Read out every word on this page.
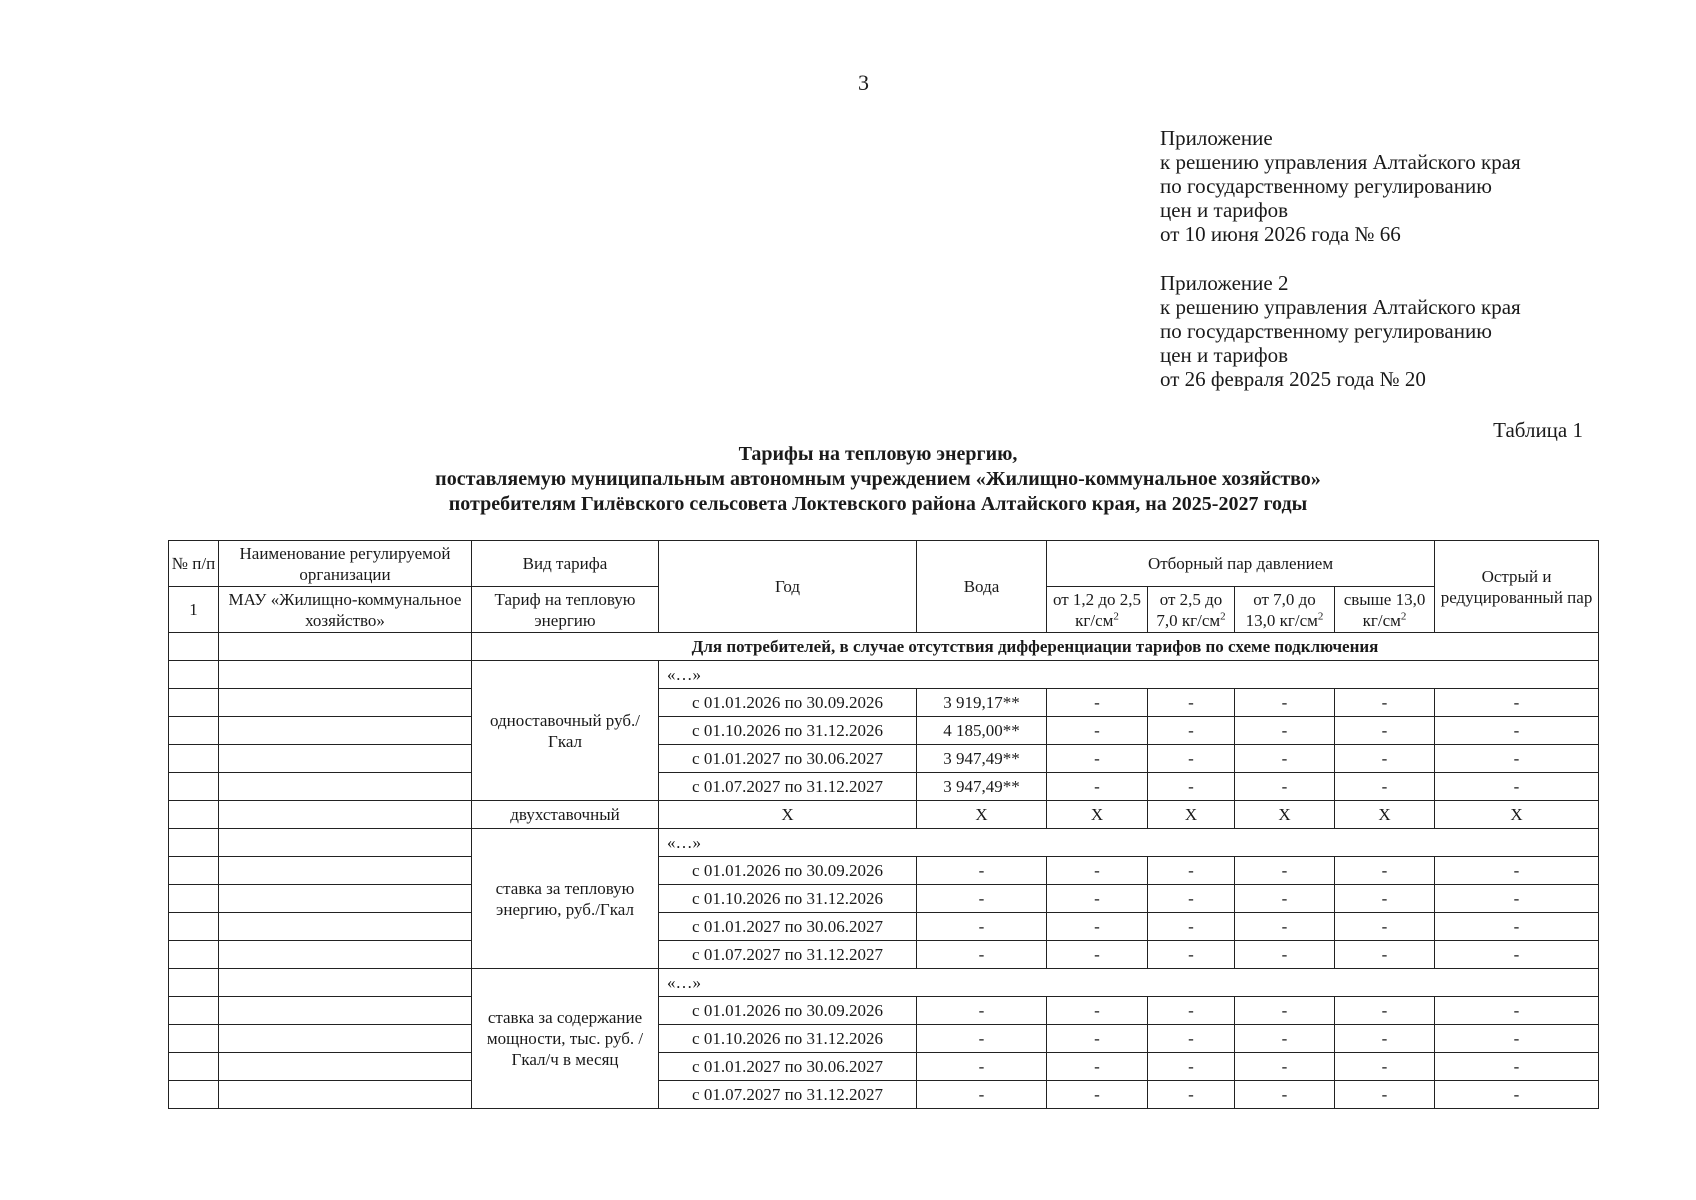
3
Приложение
к решению управления Алтайского края
по государственному регулированию
цен и тарифов
от 10 июня 2026 года № 66
Приложение 2
к решению управления Алтайского края
по государственному регулированию
цен и тарифов
от 26 февраля 2025 года № 20
Таблица 1
Тарифы на тепловую энергию,
поставляемую муниципальным автономным учреждением «Жилищно-коммунальное хозяйство»
потребителям Гилёвского сельсовета Локтевского района Алтайского края, на 2025-2027 годы
№ п/п	Наименование регулируемой организации	Вид тарифа	Год	Вода	Отборный пар давлением				Острый и редуцированный пар
1	МАУ «Жилищно-коммунальное хозяйство»	Тариф на тепловую энергию			от 1,2 до 2,5 $кг/см^2$	от 2,5 до 7,0 $кг/см^2$	от 7,0 до 13,0 $кг/см^2$	свыше 13,0 $кг/см^2$
		Для потребителей, в случае отсутствия дифференциации тарифов по схеме подключения							
		одноставочный руб./Гкал	«…»						
			с 01.01.2026 по 30.09.2026	3 919,17**	-	-	-	-	-
			с 01.10.2026 по 31.12.2026	4 185,00**	-	-	-	-	-
			с 01.01.2027 по 30.06.2027	3 947,49**	-	-	-	-	-
			с 01.07.2027 по 31.12.2027	3 947,49**	-	-	-	-	-
		двухставочный	Х	Х	Х	Х	Х	Х	Х
		ставка за тепловую энергию, руб./Гкал	«…»						
			с 01.01.2026 по 30.09.2026	-	-	-	-	-	-
			с 01.10.2026 по 31.12.2026	-	-	-	-	-	-
			с 01.01.2027 по 30.06.2027	-	-	-	-	-	-
			с 01.07.2027 по 31.12.2027	-	-	-	-	-	-
		ставка за содержание мощности, тыс. руб. /Гкал/ч в месяц	«…»						
			с 01.01.2026 по 30.09.2026	-	-	-	-	-	-
			с 01.10.2026 по 31.12.2026	-	-	-	-	-	-
			с 01.01.2027 по 30.06.2027	-	-	-	-	-	-
			с 01.07.2027 по 31.12.2027	-	-	-	-	-	-
